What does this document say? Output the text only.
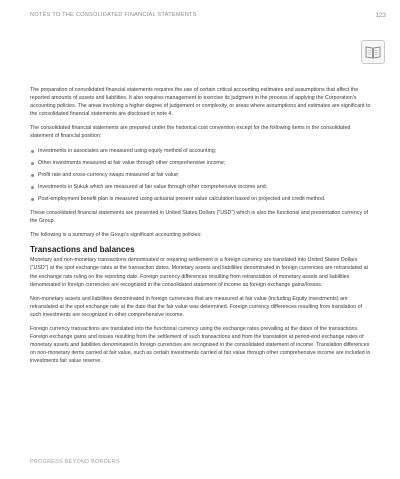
NOTES TO THE CONSOLIDATED FINANCIAL STATEMENTS	123

The preparation of consolidated financial statements requires the use of certain critical accounting estimates and assumptions that affect the reported amounts of assets and liabilities. It also requires management to exercise its judgment in the process of applying the Corporation's accounting policies. The areas involving a higher degree of judgement or complexity, or areas where assumptions and estimates are significant to the consolidated financial statements are disclosed in note 4.

The consolidated financial statements are prepared under the historical cost convention except for the following items in the consolidated statement of financial position:

Investments in associates are measured using equity method of accounting;
Other investments measured at fair value through other comprehensive income;
Profit rate and cross-currency swaps measured at fair value;
Investments in Sukuk which are measured at fair value through other comprehensive income and;
Post-employment benefit plan is measured using actuarial present value calculation based on projected unit credit method.

These consolidated financial statements are presented in United States Dollars (“USD”) which is also the functional and presentation currency of the Group.

The following is a summary of the Group's significant accounting policies:

Transactions and balances

Monetary and non-monetary transactions denominated or requiring settlement in a foreign currency are translated into United States Dollars (“USD”) at the spot exchange rates at the transaction dates. Monetary assets and liabilities denominated in foreign currencies are retranslated at the exchange rate ruling on the reporting date. Foreign currency differences resulting from retranslation of monetary assets and liabilities denominated in foreign currencies are recognized in the consolidated statement of income as foreign exchange gains/losses.

Non-monetary assets and liabilities denominated in foreign currencies that are measured at fair value (including Equity investments) are retranslated at the spot exchange rate at the date that the fair value was determined. Foreign currency differences resulting from translation of such investments are recognized in other comprehensive income.

Foreign currency transactions are translated into the functional currency using the exchange rates prevailing at the dates of the transactions. Foreign exchange gains and losses resulting from the settlement of such transactions and from the translation at period-end exchange rates of monetary assets and liabilities denominated in foreign currencies are recognised in the consolidated statement of income. Translation differences on non-monetary items carried at fair value, such as certain investments carried at fair value through other comprehensive income are included in investments fair value reserve.

PROGRESS BEYOND BORDERS
